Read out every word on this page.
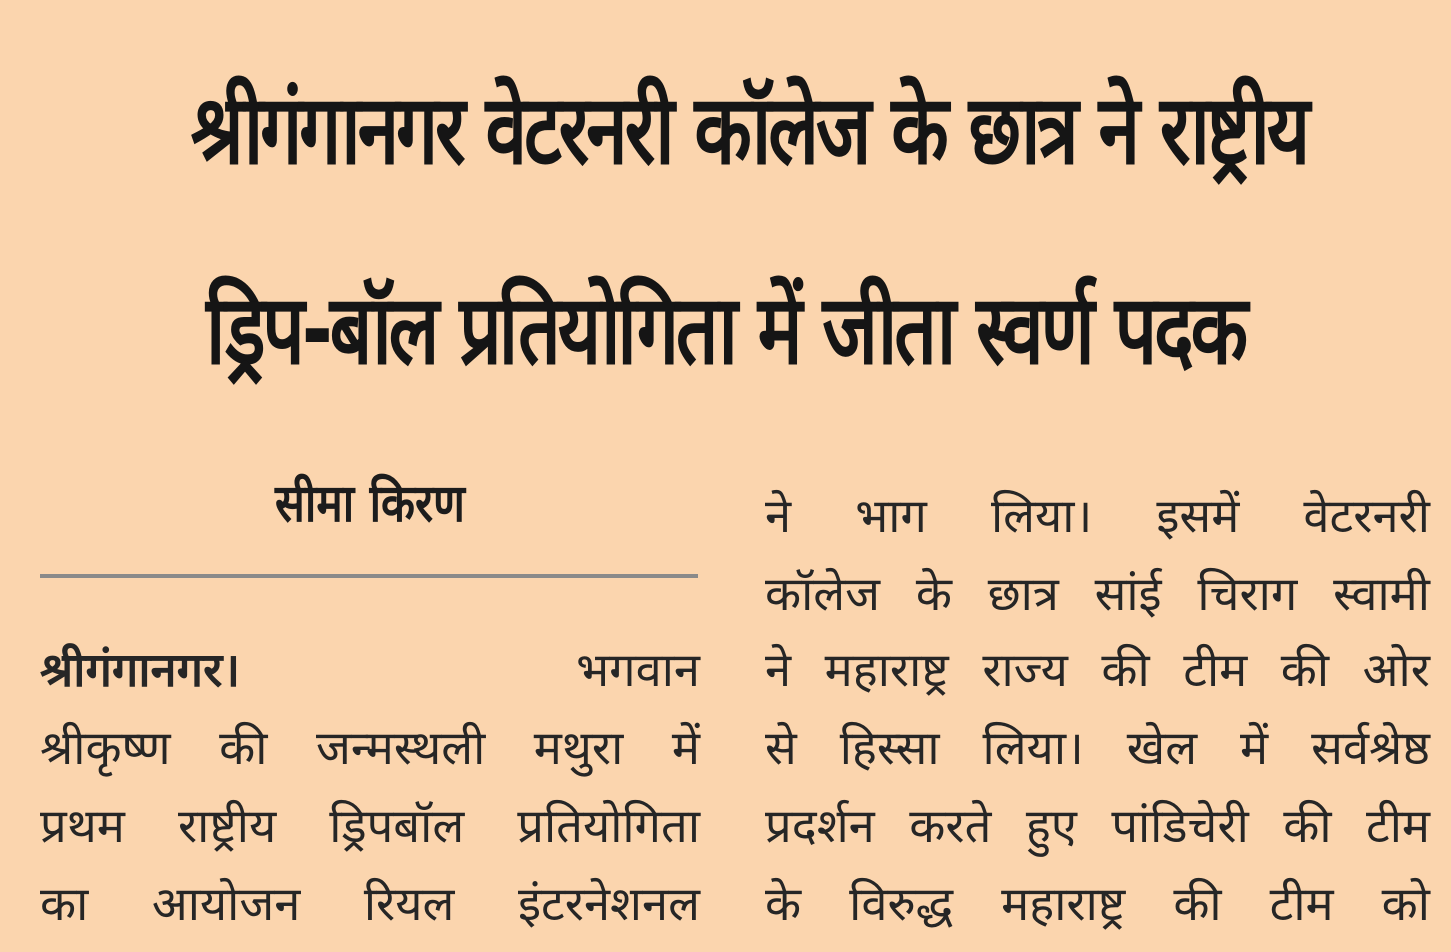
श्रीगंगानगर वेटरनरी कॉलेज के छात्र ने राष्ट्रीय
ड्रिप-बॉल प्रतियोगिता में जीता स्वर्ण पदक
सीमा किरण
श्रीगंगानगर।	भगवान
श्रीकृष्ण की जन्मस्थली मथुरा में
प्रथम राष्ट्रीय ड्रिपबॉल प्रतियोगिता
का आयोजन रियल इंटरनेशनल
ने भाग लिया। इसमें वेटरनरी
कॉलेज के छात्र सांई चिराग स्वामी
ने महाराष्ट्र राज्य की टीम की ओर
से हिस्सा लिया। खेल में सर्वश्रेष्ठ
प्रदर्शन करते हुए पांडिचेरी की टीम
के विरुद्ध महाराष्ट्र की टीम को
